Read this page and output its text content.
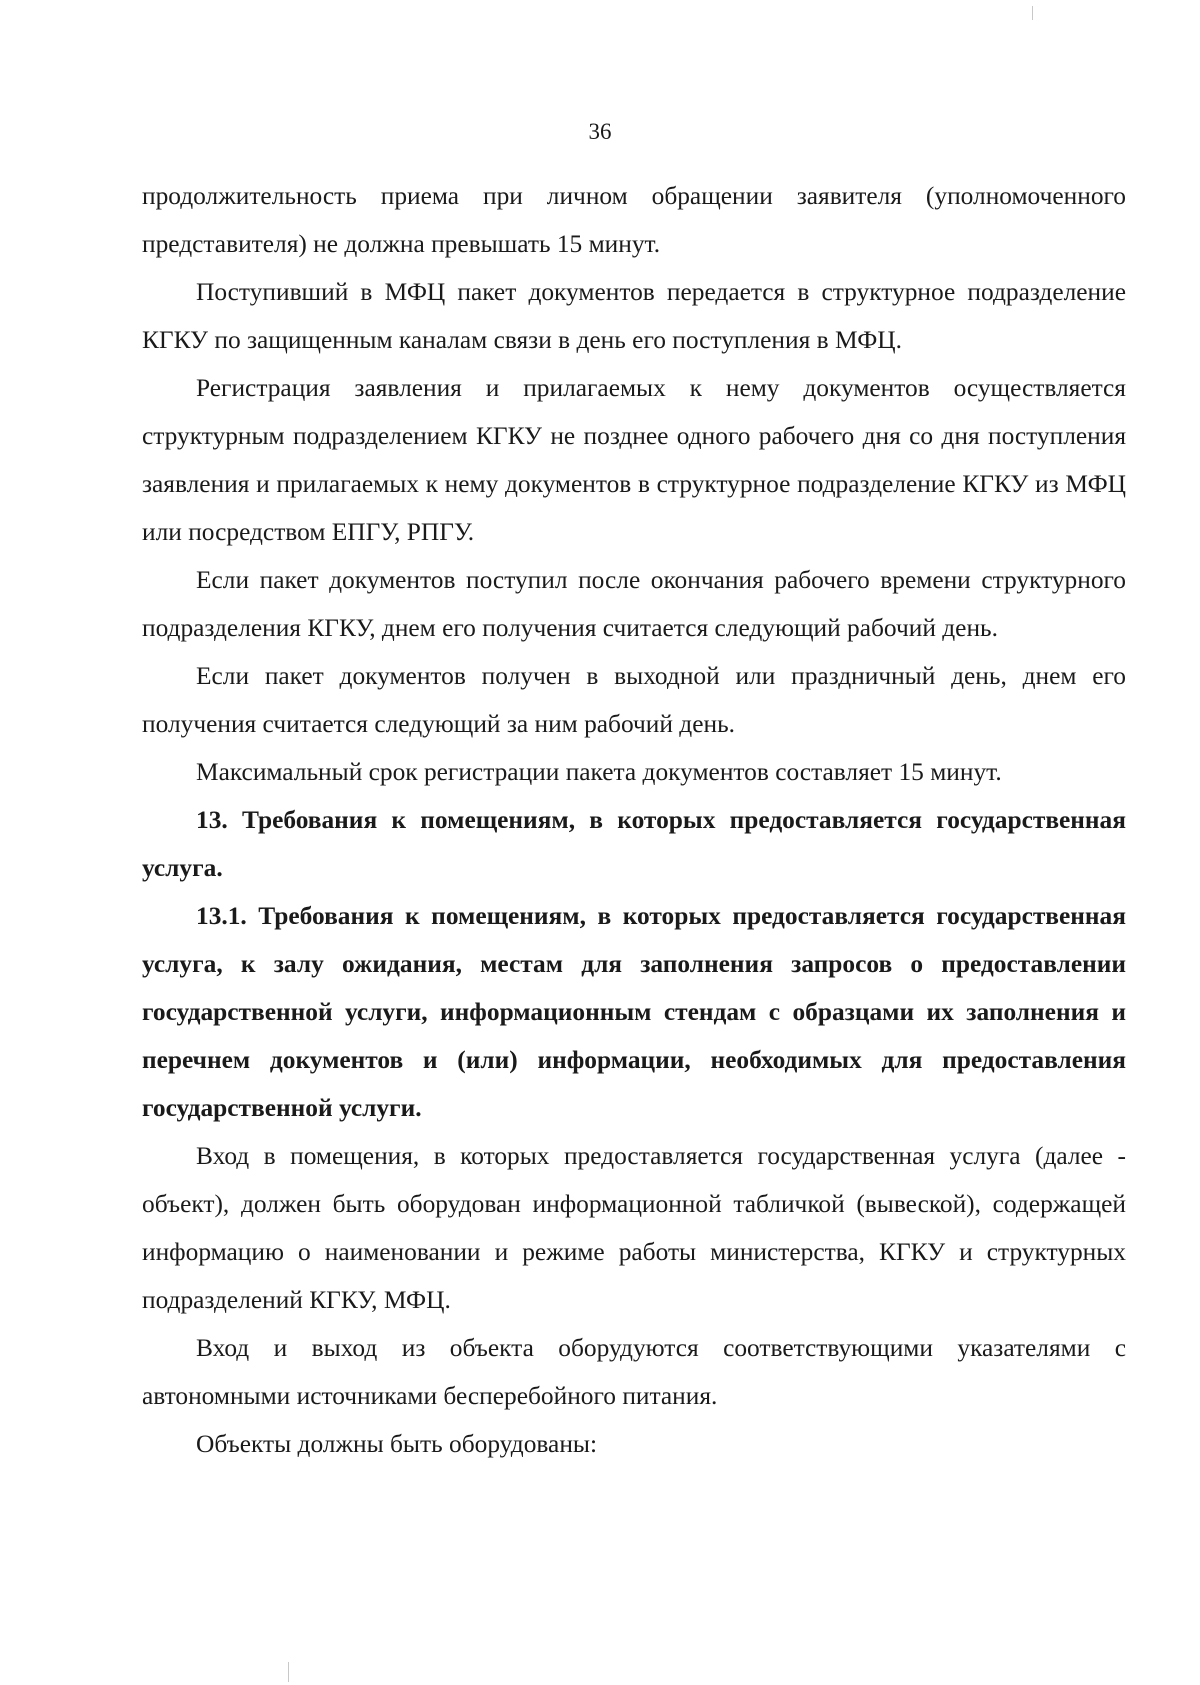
36

продолжительность приема при личном обращении заявителя (уполномоченного представителя) не должна превышать 15 минут.

Поступивший в МФЦ пакет документов передается в структурное подразделение КГКУ по защищенным каналам связи в день его поступления в МФЦ.

Регистрация заявления и прилагаемых к нему документов осуществляется структурным подразделением КГКУ не позднее одного рабочего дня со дня поступления заявления и прилагаемых к нему документов в структурное подразделение КГКУ из МФЦ или посредством ЕПГУ, РПГУ.

Если пакет документов поступил после окончания рабочего времени структурного подразделения КГКУ, днем его получения считается следующий рабочий день.

Если пакет документов получен в выходной или праздничный день, днем его получения считается следующий за ним рабочий день.

Максимальный срок регистрации пакета документов составляет 15 минут.

13. Требования к помещениям, в которых предоставляется государственная услуга.

13.1. Требования к помещениям, в которых предоставляется государственная услуга, к залу ожидания, местам для заполнения запросов о предоставлении государственной услуги, информационным стендам с образцами их заполнения и перечнем документов и (или) информации, необходимых для предоставления государственной услуги.

Вход в помещения, в которых предоставляется государственная услуга (далее - объект), должен быть оборудован информационной табличкой (вывеской), содержащей информацию о наименовании и режиме работы министерства, КГКУ и структурных подразделений КГКУ, МФЦ.

Вход и выход из объекта оборудуются соответствующими указателями с автономными источниками бесперебойного питания.

Объекты должны быть оборудованы:
